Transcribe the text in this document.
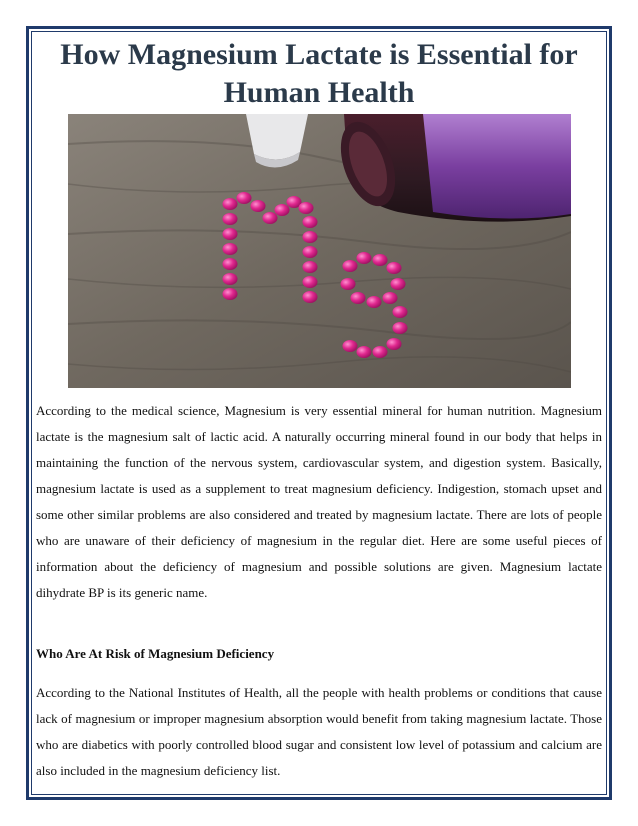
How Magnesium Lactate is Essential for Human Health

According to the medical science, Magnesium is very essential mineral for human nutrition. Magnesium lactate is the magnesium salt of lactic acid. A naturally occurring mineral found in our body that helps in maintaining the function of the nervous system, cardiovascular system, and digestion system. Basically, magnesium lactate is used as a supplement to treat magnesium deficiency. Indigestion, stomach upset and some other similar problems are also considered and treated by magnesium lactate. There are lots of people who are unaware of their deficiency of magnesium in the regular diet. Here are some useful pieces of information about the deficiency of magnesium and possible solutions are given. Magnesium lactate dihydrate BP is its generic name.

Who Are At Risk of Magnesium Deficiency

According to the National Institutes of Health, all the people with health problems or conditions that cause lack of magnesium or improper magnesium absorption would benefit from taking magnesium lactate. Those who are diabetics with poorly controlled blood sugar and consistent low level of potassium and calcium are also included in the magnesium deficiency list.
